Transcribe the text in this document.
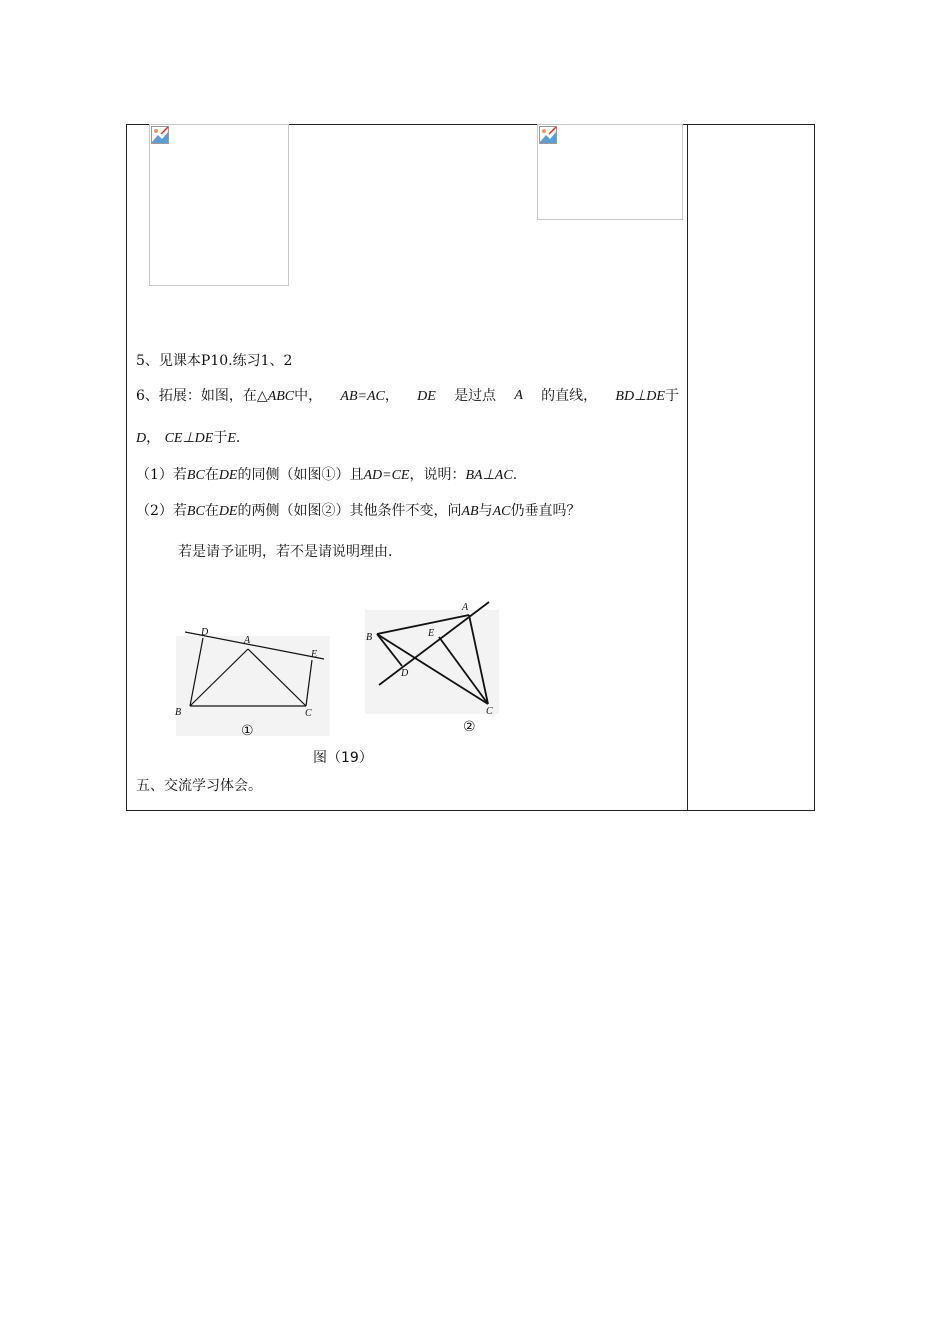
5、见课本P10.练习1、2
6、拓展：如图，在△ABC中， AB=AC， DE 是过点 A 的直线， BD⊥DE于
D， CE⊥DE于E.
（1）若BC在DE的同侧（如图①）且AD=CE，说明：BA⊥AC.
（2）若BC在DE的两侧（如图②）其他条件不变，问AB与AC仍垂直吗？
若是请予证明，若不是请说明理由.
D
A
E
B	C
①
A
B	E
D
C
②
图（19）
五、交流学习体会。
